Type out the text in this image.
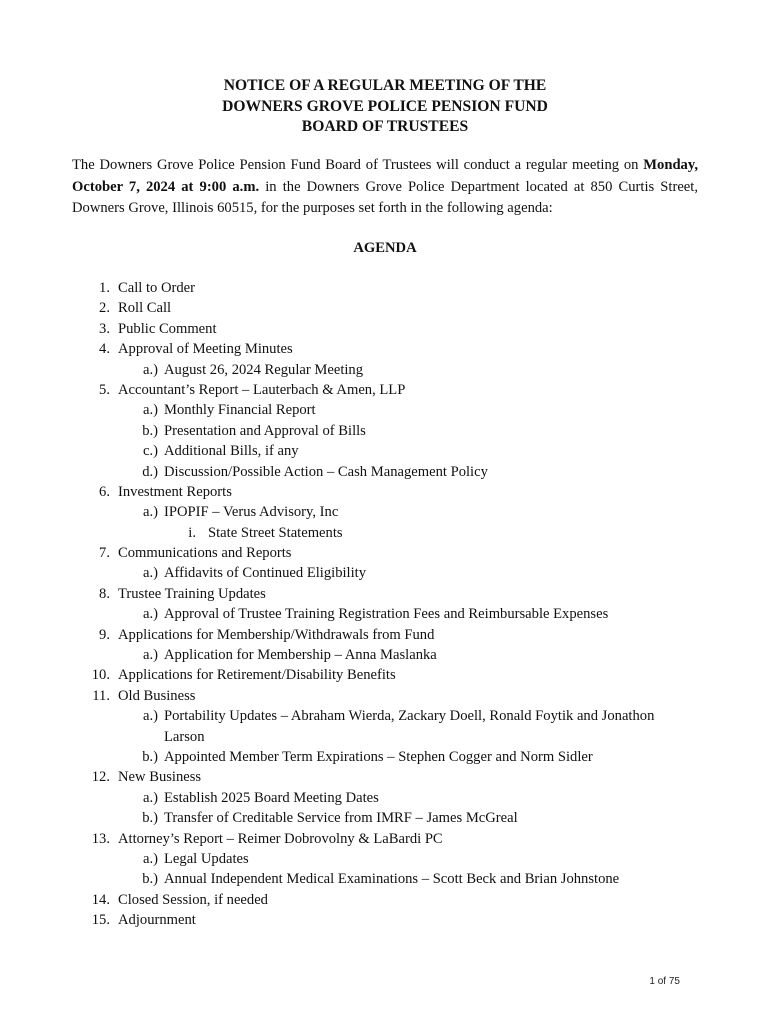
NOTICE OF A REGULAR MEETING OF THE
DOWNERS GROVE POLICE PENSION FUND
BOARD OF TRUSTEES
The Downers Grove Police Pension Fund Board of Trustees will conduct a regular meeting on Monday, October 7, 2024 at 9:00 a.m. in the Downers Grove Police Department located at 850 Curtis Street, Downers Grove, Illinois 60515, for the purposes set forth in the following agenda:
AGENDA
1. Call to Order
2. Roll Call
3. Public Comment
4. Approval of Meeting Minutes
a.) August 26, 2024 Regular Meeting
5. Accountant’s Report – Lauterbach & Amen, LLP
a.) Monthly Financial Report
b.) Presentation and Approval of Bills
c.) Additional Bills, if any
d.) Discussion/Possible Action – Cash Management Policy
6. Investment Reports
a.) IPOPIF – Verus Advisory, Inc
i. State Street Statements
7. Communications and Reports
a.) Affidavits of Continued Eligibility
8. Trustee Training Updates
a.) Approval of Trustee Training Registration Fees and Reimbursable Expenses
9. Applications for Membership/Withdrawals from Fund
a.) Application for Membership – Anna Maslanka
10. Applications for Retirement/Disability Benefits
11. Old Business
a.) Portability Updates – Abraham Wierda, Zackary Doell, Ronald Foytik and Jonathon
Larson
b.) Appointed Member Term Expirations – Stephen Cogger and Norm Sidler
12. New Business
a.) Establish 2025 Board Meeting Dates
b.) Transfer of Creditable Service from IMRF – James McGreal
13. Attorney’s Report – Reimer Dobrovolny & LaBardi PC
a.) Legal Updates
b.) Annual Independent Medical Examinations – Scott Beck and Brian Johnstone
14. Closed Session, if needed
15. Adjournment
1 of 75
